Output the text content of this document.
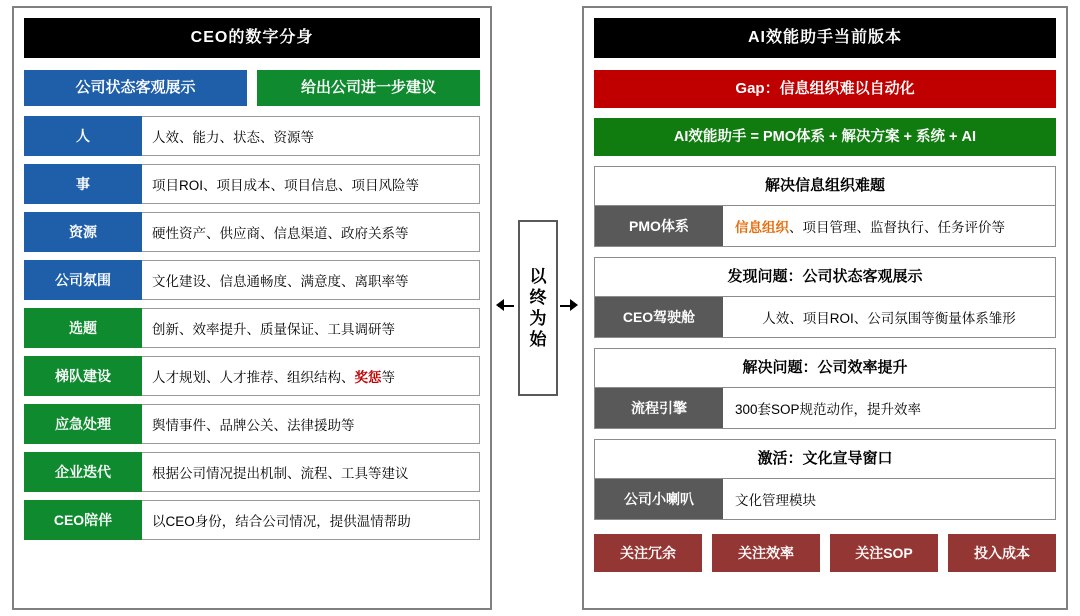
CEO的数字分身
公司状态客观展示	给出公司进一步建议
人	人效、能力、状态、资源等
事	项目ROI、项目成本、项目信息、项目风险等
资源	硬性资产、供应商、信息渠道、政府关系等
公司氛围	文化建设、信息通畅度、满意度、离职率等
选题	创新、效率提升、质量保证、工具调研等
梯队建设	人才规划、人才推荐、组织结构、 奖惩 等
应急处理	舆情事件、品牌公关、法律援助等
企业迭代	根据公司情况提出机制、流程、工具等建议
CEO陪伴	以CEO身份，结合公司情况，提供温情帮助
以
终
为
始
AI效能助手当前版本
Gap：信息组织难以自动化
AI效能助手 = PMO体系 + 解决方案 + 系统 + AI
解决信息组织难题
PMO体系	信息组织 、项目管理、监督执行、任务评价等
发现问题：公司状态客观展示
CEO驾驶舱	人效、项目ROI、公司氛围等衡量体系雏形
解决问题：公司效率提升
流程引擎	300套SOP规范动作，提升效率
激活：文化宣导窗口
公司小喇叭	文化管理模块
关注冗余	关注效率	关注SOP	投入成本
